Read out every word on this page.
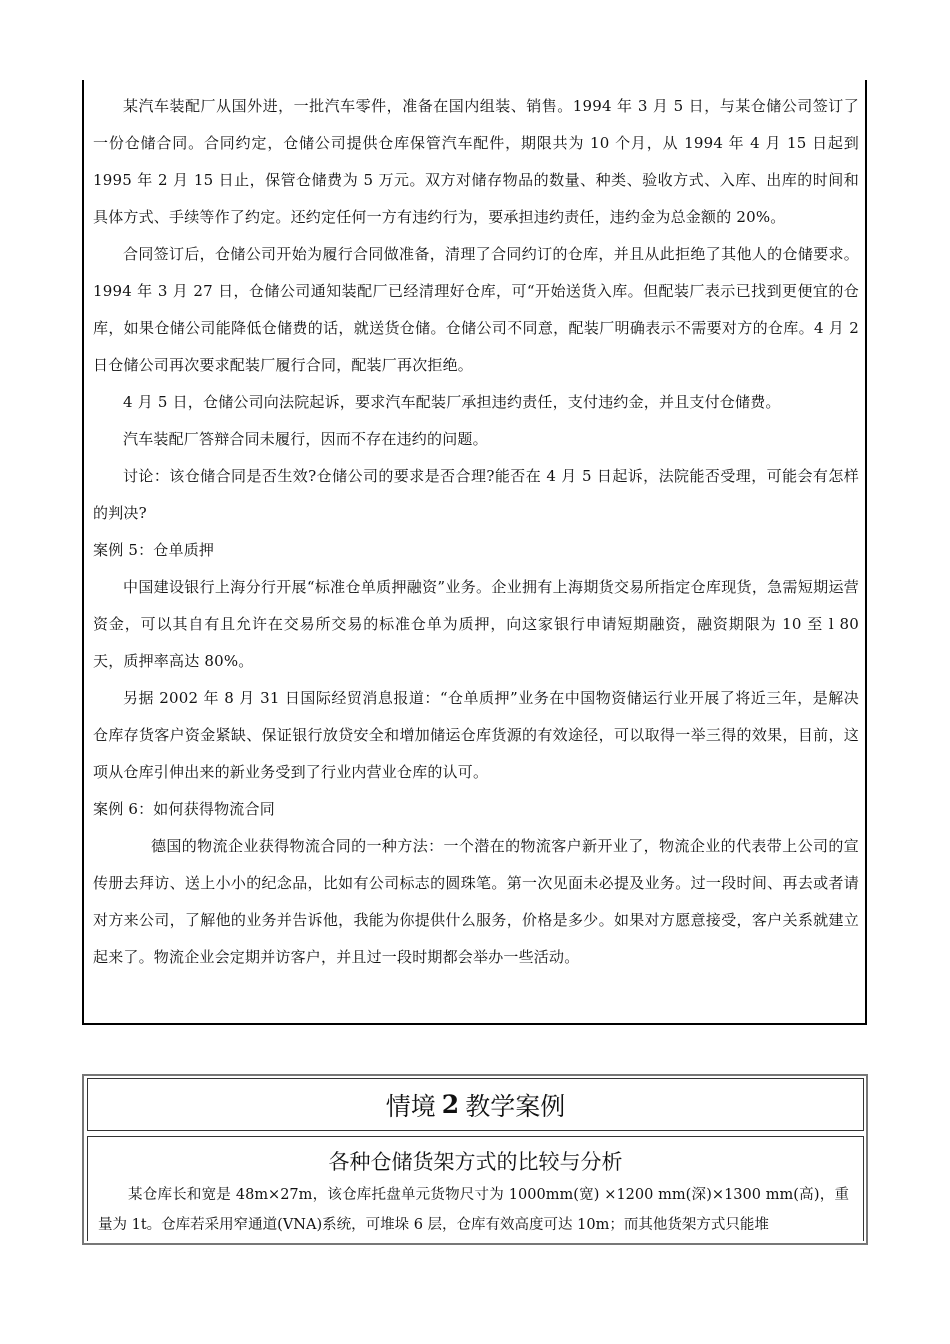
某汽车装配厂从国外进，一批汽车零件，准备在国内组装、销售。1994 年 3 月 5 日，与某仓储公司签订了一份仓储合同。合同约定，仓储公司提供仓库保管汽车配件，期限共为 10 个月，从 1994 年 4 月 15 日起到 1995 年 2 月 15 日止，保管仓储费为 5 万元。双方对储存物品的数量、种类、验收方式、入库、出库的时间和具体方式、手续等作了约定。还约定任何一方有违约行为，要承担违约责任，违约金为总金额的 20%。

合同签订后，仓储公司开始为履行合同做准备，清理了合同约订的仓库，并且从此拒绝了其他人的仓储要求。1994 年 3 月 27 日，仓储公司通知装配厂已经清理好仓库，可“开始送货入库。但配装厂表示已找到更便宜的仓库，如果仓储公司能降低仓储费的话，就送货仓储。仓储公司不同意，配装厂明确表示不需要对方的仓库。4 月 2 日仓储公司再次要求配装厂履行合同，配装厂再次拒绝。

4 月 5 日，仓储公司向法院起诉，要求汽车配装厂承担违约责任，支付违约金，并且支付仓储费。

汽车装配厂答辩合同未履行，因而不存在违约的问题。

讨论：该仓储合同是否生效?仓储公司的要求是否合理?能否在 4 月 5 日起诉，法院能否受理，可能会有怎样的判决?

案例 5：仓单质押

中国建设银行上海分行开展“标准仓单质押融资”业务。企业拥有上海期货交易所指定仓库现货，急需短期运营资金，可以其自有且允许在交易所交易的标准仓单为质押，向这家银行申请短期融资，融资期限为 10 至 l 80 天，质押率高达 80%。

另据 2002 年 8 月 31 日国际经贸消息报道：“仓单质押”业务在中国物资储运行业开展了将近三年，是解决仓库存货客户资金紧缺、保证银行放贷安全和增加储运仓库货源的有效途径，可以取得一举三得的效果，目前，这项从仓库引伸出来的新业务受到了行业内营业仓库的认可。

案例 6：如何获得物流合同

德国的物流企业获得物流合同的一种方法：一个潜在的物流客户新开业了，物流企业的代表带上公司的宣传册去拜访、送上小小的纪念品，比如有公司标志的圆珠笔。第一次见面未必提及业务。过一段时间、再去或者请对方来公司，了解他的业务并告诉他，我能为你提供什么服务，价格是多少。如果对方愿意接受，客户关系就建立起来了。物流企业会定期并访客户，并且过一段时期都会举办一些活动。

情境 2 教学案例
各种仓储货架方式的比较与分析

某仓库长和宽是 48m×27m，该仓库托盘单元货物尺寸为 1000mm(宽) ×1200 mm(深)×1300 mm(高)，重量为 1t。仓库若采用窄通道(VNA)系统，可堆垛 6 层，仓库有效高度可达 10m；而其他货架方式只能堆
